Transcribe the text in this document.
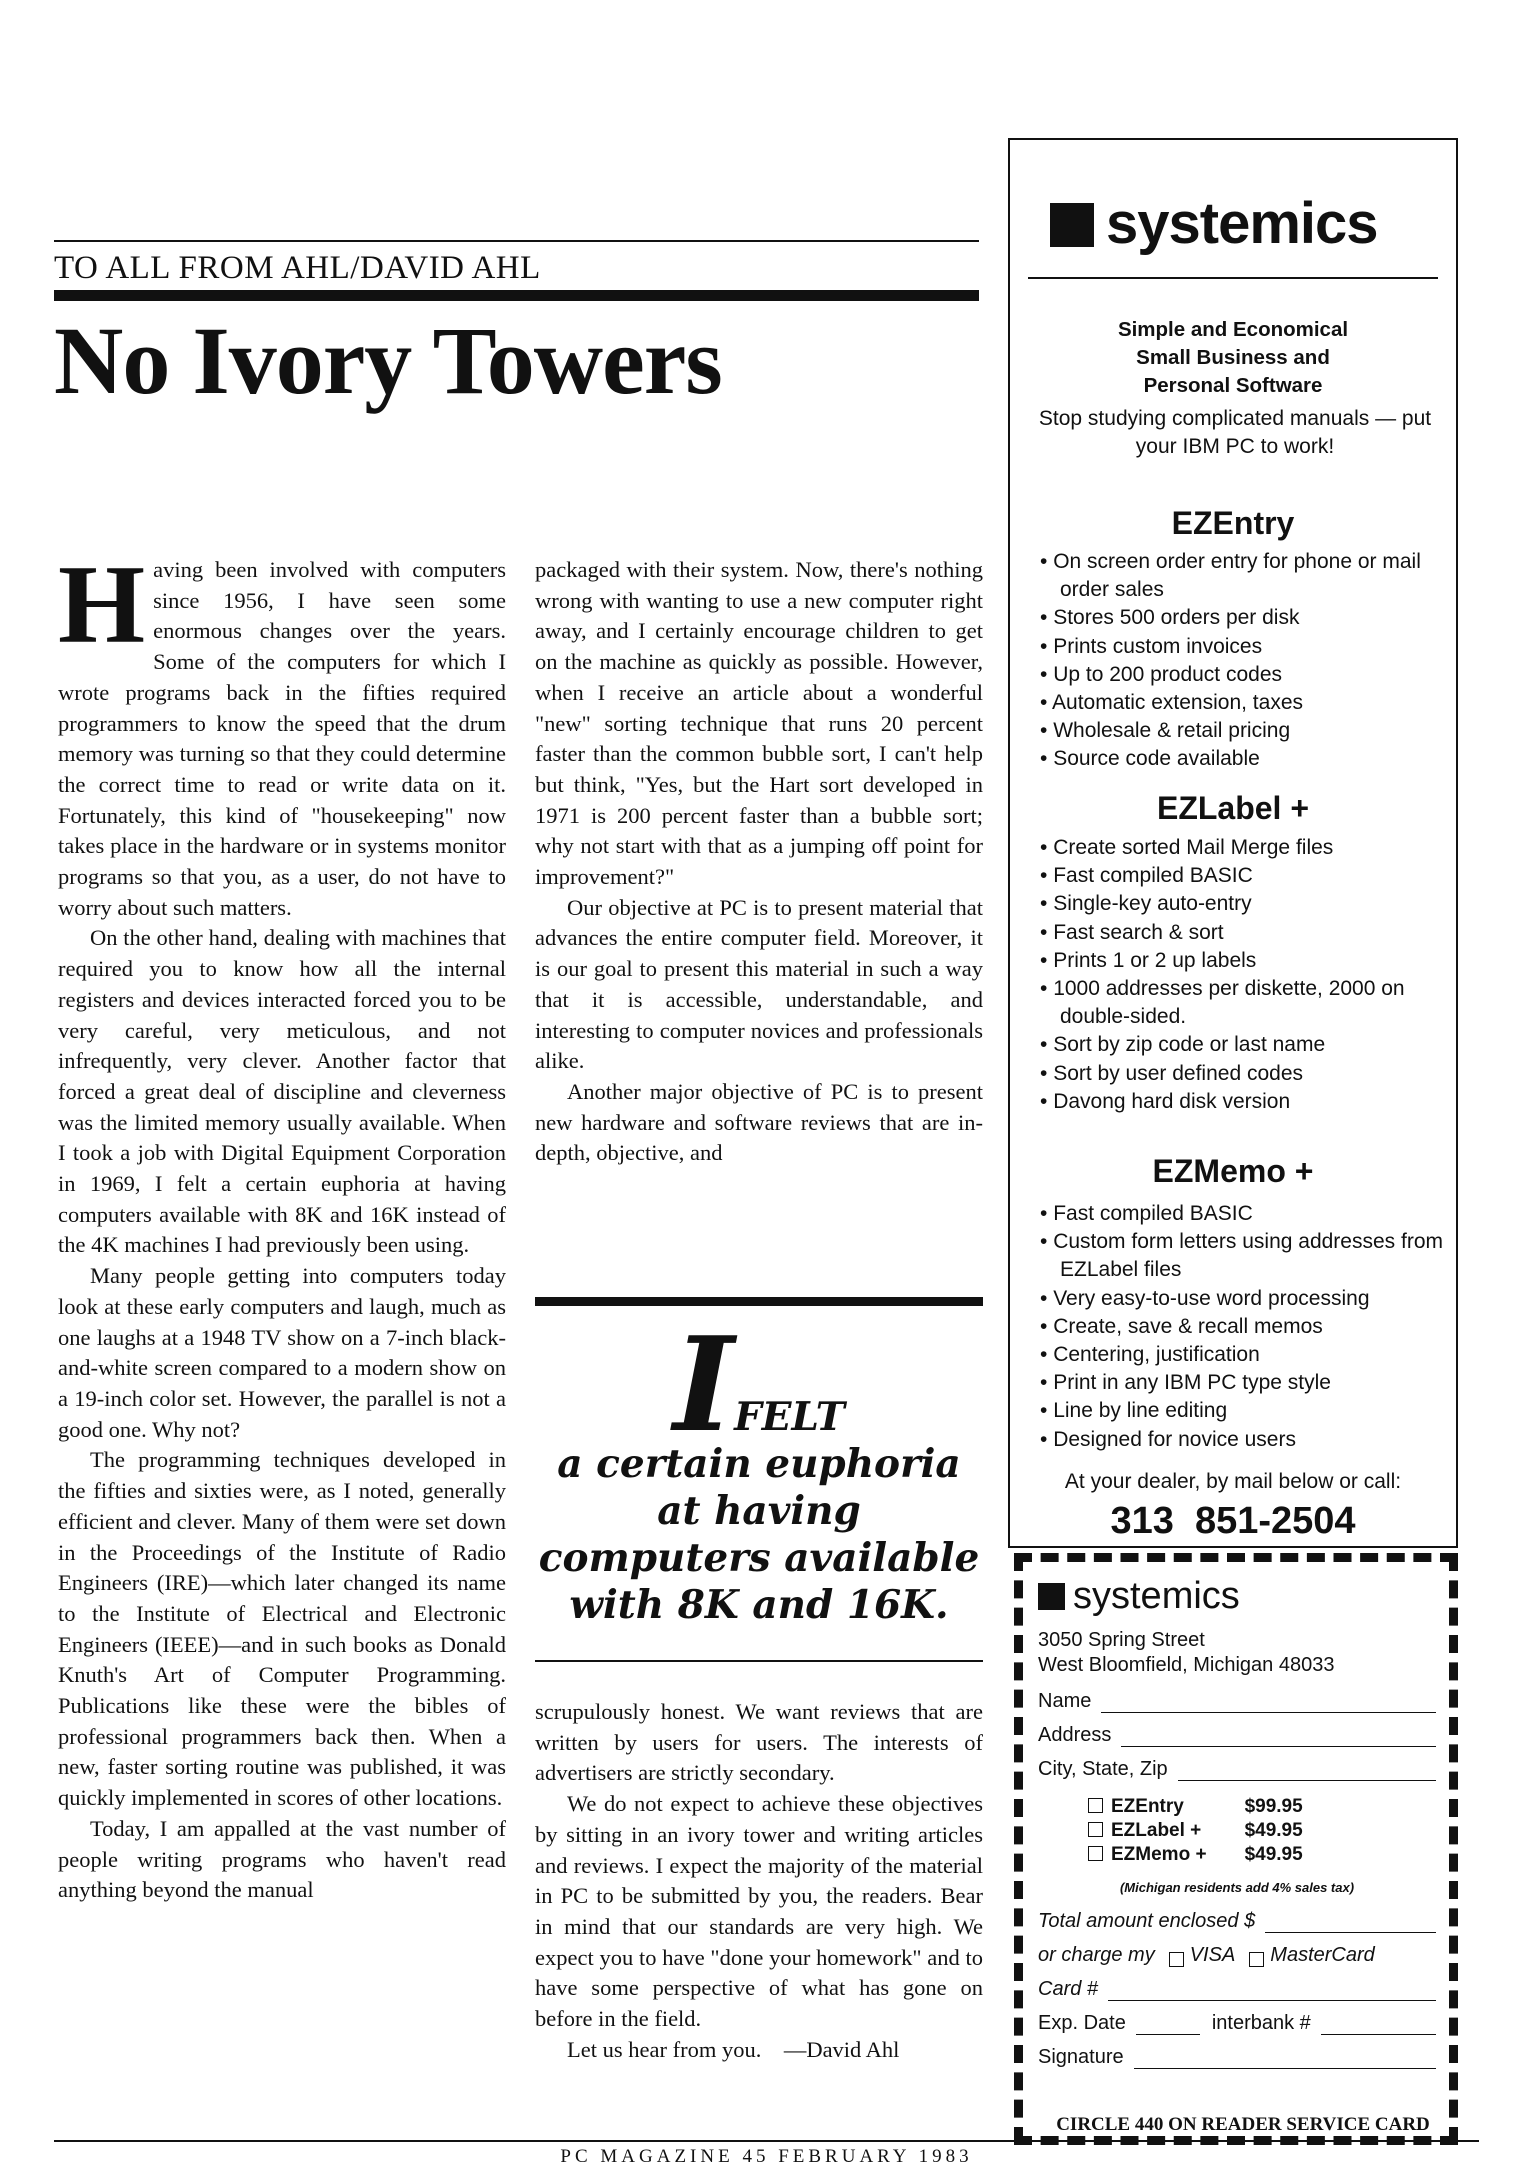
TO ALL FROM AHL/DAVID AHL
No Ivory Towers

Having been involved with computers since 1956, I have seen some enormous changes over the years. Some of the computers for which I wrote programs back in the fifties required programmers to know the speed that the drum memory was turning so that they could determine the correct time to read or write data on it. Fortunately, this kind of "housekeeping" now takes place in the hardware or in systems monitor programs so that you, as a user, do not have to worry about such matters.

On the other hand, dealing with machines that required you to know how all the internal registers and devices interacted forced you to be very careful, very meticulous, and not infrequently, very clever. Another factor that forced a great deal of discipline and cleverness was the limited memory usually available. When I took a job with Digital Equipment Corporation in 1969, I felt a certain euphoria at having computers available with 8K and 16K instead of the 4K machines I had previously been using.

Many people getting into computers today look at these early computers and laugh, much as one laughs at a 1948 TV show on a 7-inch black-and-white screen compared to a modern show on a 19-inch color set. However, the parallel is not a good one. Why not?

The programming techniques developed in the fifties and sixties were, as I noted, generally efficient and clever. Many of them were set down in the Proceedings of the Institute of Radio Engineers (IRE)—which later changed its name to the Institute of Electrical and Electronic Engineers (IEEE)—and in such books as Donald Knuth's Art of Computer Programming. Publications like these were the bibles of professional programmers back then. When a new, faster sorting routine was published, it was quickly implemented in scores of other locations.

Today, I am appalled at the vast number of people writing programs who haven't read anything beyond the manual

packaged with their system. Now, there's nothing wrong with wanting to use a new computer right away, and I certainly encourage children to get on the machine as quickly as possible. However, when I receive an article about a wonderful "new" sorting technique that runs 20 percent faster than the common bubble sort, I can't help but think, "Yes, but the Hart sort developed in 1971 is 200 percent faster than a bubble sort; why not start with that as a jumping off point for improvement?"

Our objective at PC is to present material that advances the entire computer field. Moreover, it is our goal to present this material in such a way that it is accessible, understandable, and interesting to computer novices and professionals alike.

Another major objective of PC is to present new hardware and software reviews that are in-depth, objective, and

IFELT
a certain euphoria at having computers available with 8K and 16K.

scrupulously honest. We want reviews that are written by users for users. The interests of advertisers are strictly secondary.

We do not expect to achieve these objectives by sitting in an ivory tower and writing articles and reviews. I expect the majority of the material in PC to be submitted by you, the readers. Bear in mind that our standards are very high. We expect you to have "done your homework" and to have some perspective of what has gone on before in the field.

Let us hear from you.    —David Ahl

systemics
Simple and Economical
Small Business and
Personal Software
Stop studying complicated manuals — put your IBM PC to work!
EZEntry
• On screen order entry for phone or mail order sales
• Stores 500 orders per disk
• Prints custom invoices
• Up to 200 product codes
• Automatic extension, taxes
• Wholesale & retail pricing
• Source code available
EZLabel +
• Create sorted Mail Merge files
• Fast compiled BASIC
• Single-key auto-entry
• Fast search & sort
• Prints 1 or 2 up labels
• 1000 addresses per diskette, 2000 on double-sided.
• Sort by zip code or last name
• Sort by user defined codes
• Davong hard disk version
EZMemo +
• Fast compiled BASIC
• Custom form letters using addresses from EZLabel files
• Very easy-to-use word processing
• Create, save & recall memos
• Centering, justification
• Print in any IBM PC type style
• Line by line editing
• Designed for novice users
At your dealer, by mail below or call:
313  851-2504
systemics
3050 Spring Street
West Bloomfield, Michigan 48033
Name
Address
City, State, Zip
EZEntry	$99.95
EZLabel +	$49.95
EZMemo +	$49.95
(Michigan residents add 4% sales tax)
Total amount enclosed $
or charge my VISA MasterCard
Card #
Exp. Date	interbank #
Signature
CIRCLE 440 ON READER SERVICE CARD
PC MAGAZINE 45 FEBRUARY 1983
